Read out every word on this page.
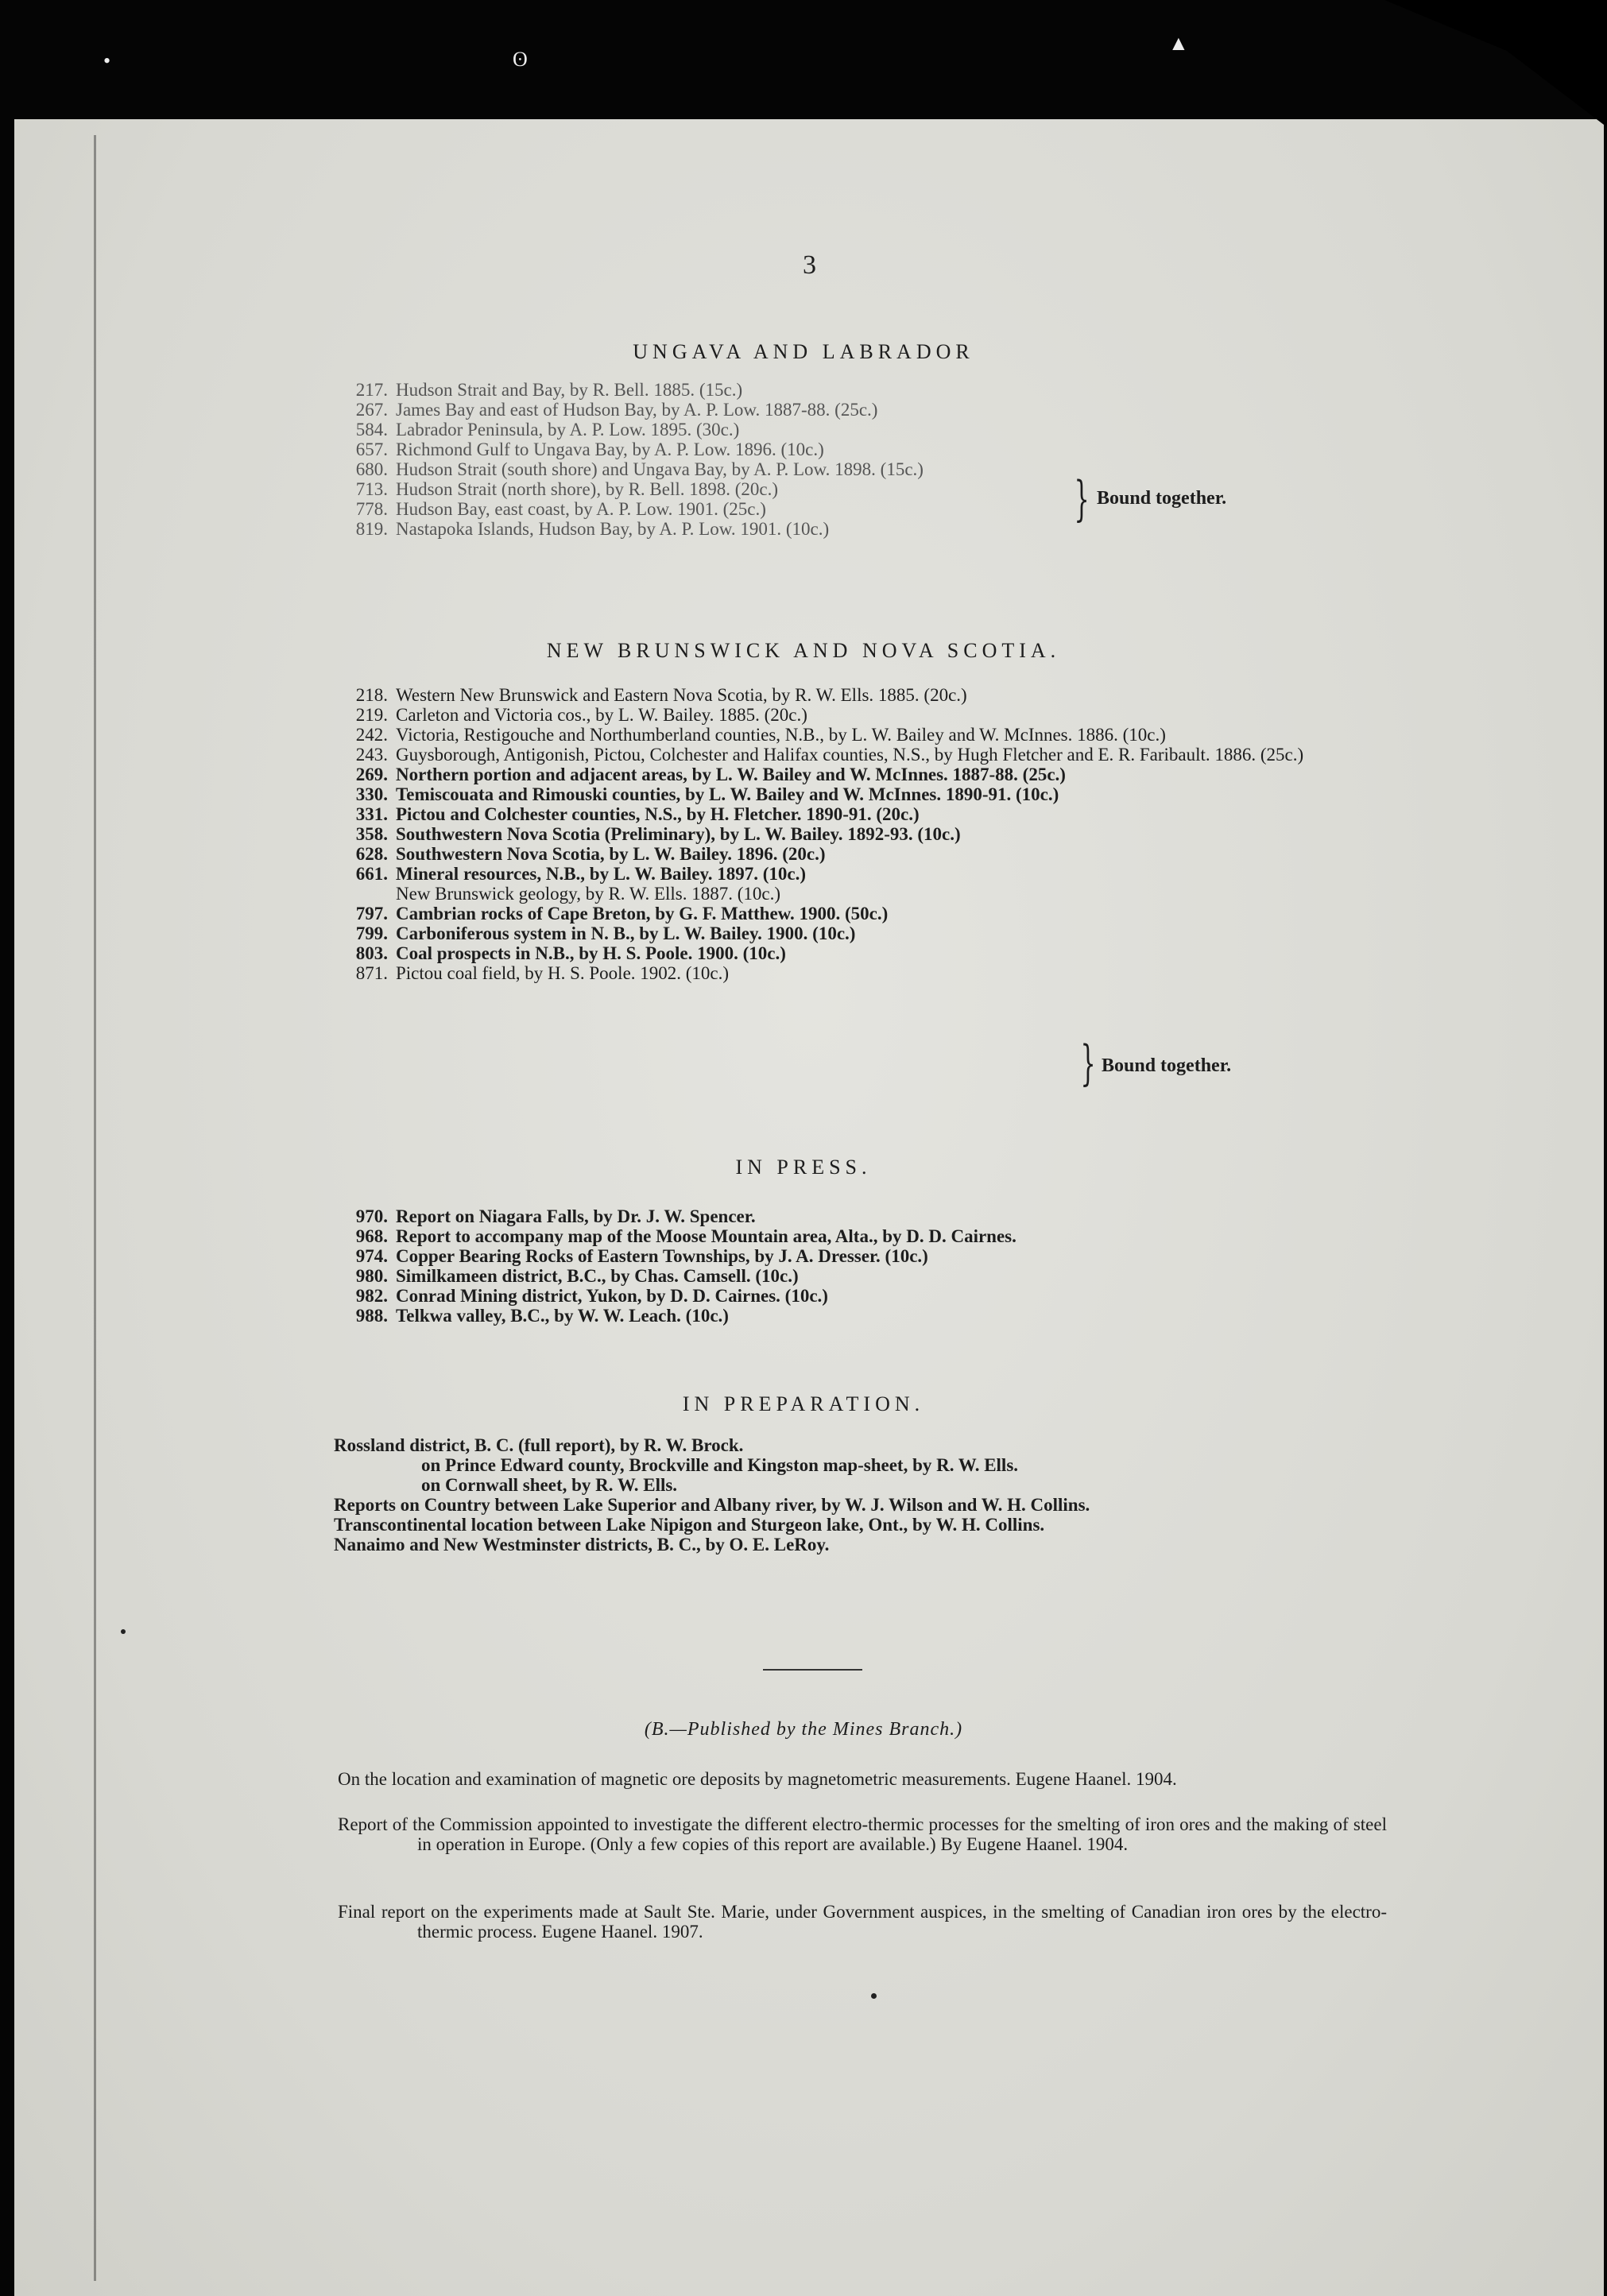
•	ʘ
▲
3
UNGAVA AND LABRADOR
217. Hudson Strait and Bay, by R. Bell. 1885. (15c.)
267. James Bay and east of Hudson Bay, by A. P. Low. 1887-88. (25c.)
584. Labrador Peninsula, by A. P. Low. 1895. (30c.)
657. Richmond Gulf to Ungava Bay, by A. P. Low. 1896. (10c.)
680. Hudson Strait (south shore) and Ungava Bay, by A. P. Low. 1898. (15c.)
713. Hudson Strait (north shore), by R. Bell. 1898. (20c.)
778. Hudson Bay, east coast, by A. P. Low. 1901. (25c.)
819. Nastapoka Islands, Hudson Bay, by A. P. Low. 1901. (10c.)
} Bound together.
NEW BRUNSWICK AND NOVA SCOTIA.
218. Western New Brunswick and Eastern Nova Scotia, by R. W. Ells. 1885. (20c.)
219. Carleton and Victoria cos., by L. W. Bailey. 1885. (20c.)
242. Victoria, Restigouche and Northumberland counties, N.B., by L. W. Bailey and W. McInnes. 1886. (10c.)
243. Guysborough, Antigonish, Pictou, Colchester and Halifax counties, N.S., by Hugh Fletcher and E. R. Faribault. 1886. (25c.)
269. Northern portion and adjacent areas, by L. W. Bailey and W. McInnes. 1887-88. (25c.)
330. Temiscouata and Rimouski counties, by L. W. Bailey and W. McInnes. 1890-91. (10c.)
331. Pictou and Colchester counties, N.S., by H. Fletcher. 1890-91. (20c.)
358. Southwestern Nova Scotia (Preliminary), by L. W. Bailey. 1892-93. (10c.)
628. Southwestern Nova Scotia, by L. W. Bailey. 1896. (20c.)
661. Mineral resources, N.B., by L. W. Bailey. 1897. (10c.)
New Brunswick geology, by R. W. Ells. 1887. (10c.)
797. Cambrian rocks of Cape Breton, by G. F. Matthew. 1900. (50c.)
799. Carboniferous system in N. B., by L. W. Bailey. 1900. (10c.)
803. Coal prospects in N.B., by H. S. Poole. 1900. (10c.)
871. Pictou coal field, by H. S. Poole. 1902. (10c.)
} Bound together.
IN PRESS.
970. Report on Niagara Falls, by Dr. J. W. Spencer.
968. Report to accompany map of the Moose Mountain area, Alta., by D. D. Cairnes.
974. Copper Bearing Rocks of Eastern Townships, by J. A. Dresser. (10c.)
980. Similkameen district, B.C., by Chas. Camsell. (10c.)
982. Conrad Mining district, Yukon, by D. D. Cairnes. (10c.)
988. Telkwa valley, B.C., by W. W. Leach. (10c.)
IN PREPARATION.
Rossland district, B. C. (full report), by R. W. Brock.
on Prince Edward county, Brockville and Kingston map-sheet, by R. W. Ells.
on Cornwall sheet, by R. W. Ells.
Reports on Country between Lake Superior and Albany river, by W. J. Wilson and W. H. Collins.
Transcontinental location between Lake Nipigon and Sturgeon lake, Ont., by W. H. Collins.
Nanaimo and New Westminster districts, B. C., by O. E. LeRoy.
(B.—Published by the Mines Branch.)
On the location and examination of magnetic ore deposits by magnetometric measurements. Eugene Haanel. 1904.
Report of the Commission appointed to investigate the different electro-thermic processes for the smelting of iron ores and the making of steel in operation in Europe. (Only a few copies of this report are available.) By Eugene Haanel. 1904.
Final report on the experiments made at Sault Ste. Marie, under Government auspices, in the smelting of Canadian iron ores by the electro-thermic process. Eugene Haanel. 1907.
